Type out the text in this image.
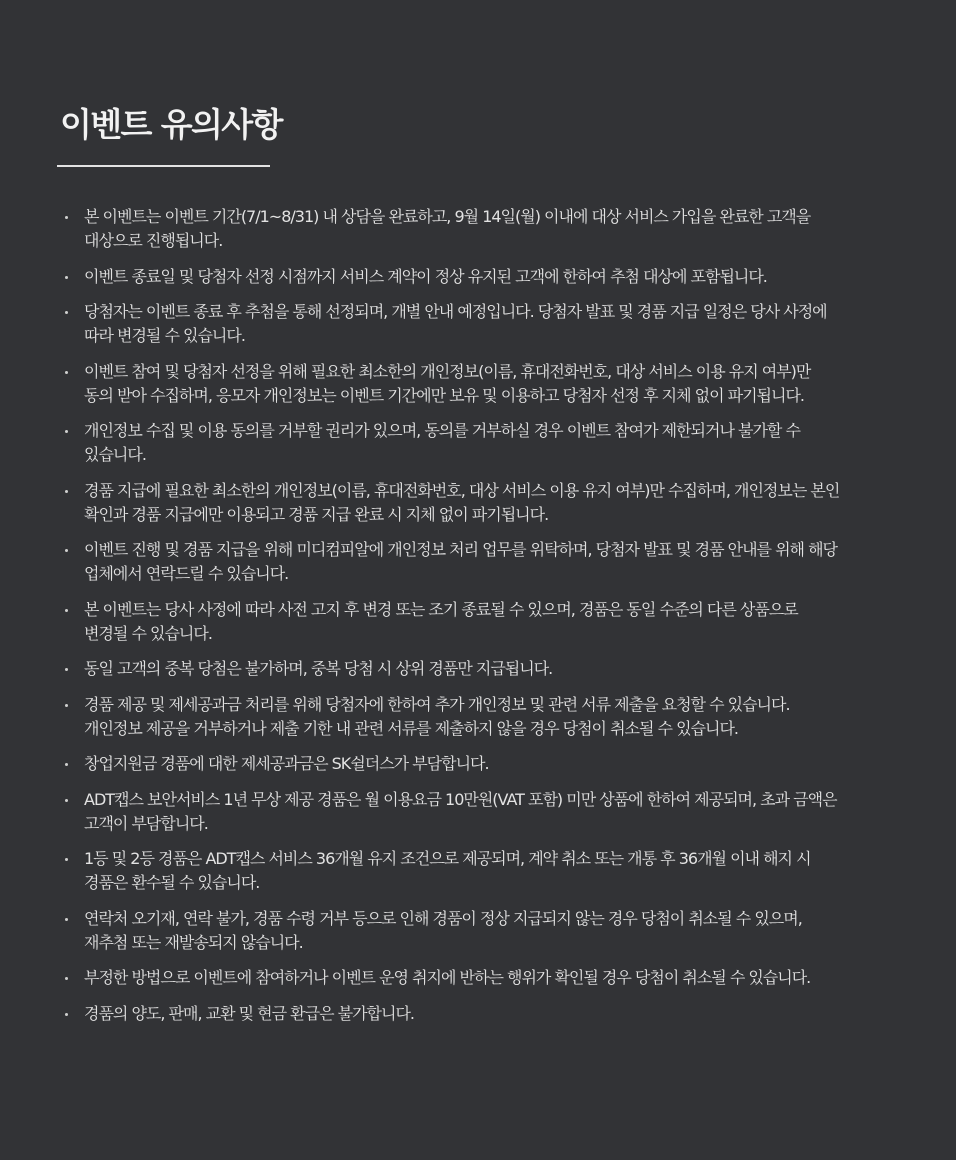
이벤트 유의사항
본 이벤트는 이벤트 기간(7/1~8/31) 내 상담을 완료하고, 9월 14일(월) 이내에 대상 서비스 가입을 완료한 고객을
대상으로 진행됩니다.
이벤트 종료일 및 당첨자 선정 시점까지 서비스 계약이 정상 유지된 고객에 한하여 추첨 대상에 포함됩니다.
당첨자는 이벤트 종료 후 추첨을 통해 선정되며, 개별 안내 예정입니다. 당첨자 발표 및 경품 지급 일정은 당사 사정에
따라 변경될 수 있습니다.
이벤트 참여 및 당첨자 선정을 위해 필요한 최소한의 개인정보(이름, 휴대전화번호, 대상 서비스 이용 유지 여부)만
동의 받아 수집하며, 응모자 개인정보는 이벤트 기간에만 보유 및 이용하고 당첨자 선정 후 지체 없이 파기됩니다.
개인정보 수집 및 이용 동의를 거부할 권리가 있으며, 동의를 거부하실 경우 이벤트 참여가 제한되거나 불가할 수
있습니다.
경품 지급에 필요한 최소한의 개인정보(이름, 휴대전화번호, 대상 서비스 이용 유지 여부)만 수집하며, 개인정보는 본인
확인과 경품 지급에만 이용되고 경품 지급 완료 시 지체 없이 파기됩니다.
이벤트 진행 및 경품 지급을 위해 미디컴피알에 개인정보 처리 업무를 위탁하며, 당첨자 발표 및 경품 안내를 위해 해당
업체에서 연락드릴 수 있습니다.
본 이벤트는 당사 사정에 따라 사전 고지 후 변경 또는 조기 종료될 수 있으며, 경품은 동일 수준의 다른 상품으로
변경될 수 있습니다.
동일 고객의 중복 당첨은 불가하며, 중복 당첨 시 상위 경품만 지급됩니다.
경품 제공 및 제세공과금 처리를 위해 당첨자에 한하여 추가 개인정보 및 관련 서류 제출을 요청할 수 있습니다.
개인정보 제공을 거부하거나 제출 기한 내 관련 서류를 제출하지 않을 경우 당첨이 취소될 수 있습니다.
창업지원금 경품에 대한 제세공과금은 SK쉴더스가 부담합니다.
ADT캡스 보안서비스 1년 무상 제공 경품은 월 이용요금 10만원(VAT 포함) 미만 상품에 한하여 제공되며, 초과 금액은
고객이 부담합니다.
1등 및 2등 경품은 ADT캡스 서비스 36개월 유지 조건으로 제공되며, 계약 취소 또는 개통 후 36개월 이내 해지 시
경품은 환수될 수 있습니다.
연락처 오기재, 연락 불가, 경품 수령 거부 등으로 인해 경품이 정상 지급되지 않는 경우 당첨이 취소될 수 있으며,
재추첨 또는 재발송되지 않습니다.
부정한 방법으로 이벤트에 참여하거나 이벤트 운영 취지에 반하는 행위가 확인될 경우 당첨이 취소될 수 있습니다.
경품의 양도, 판매, 교환 및 현금 환급은 불가합니다.
